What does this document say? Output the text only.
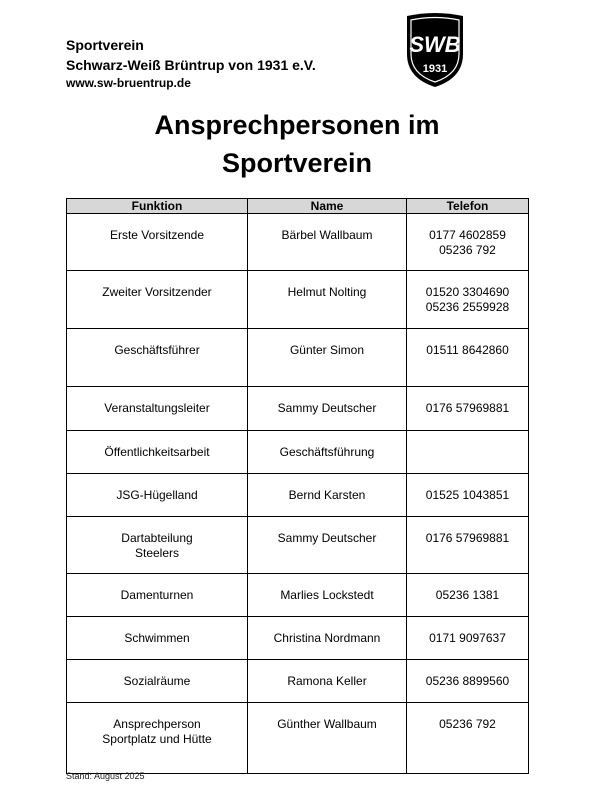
Sportverein
Schwarz-Weiß Brüntrup von 1931 e.V.
www.sw-bruentrup.de
SWB
1931
Ansprechpersonen im
Sportverein
Funktion	Name	Telefon

Erste Vorsitzende	Bärbel Wallbaum	0177 4602859
05236 792

Zweiter Vorsitzender	Helmut Nolting	01520 3304690
05236 2559928

Geschäftsführer	Günter Simon	01511 8642860

Veranstaltungsleiter	Sammy Deutscher	0176 57969881

Öffentlichkeitsarbeit	Geschäftsführung	

JSG-Hügelland	Bernd Karsten	01525 1043851

Dartabteilung
Steelers	Sammy Deutscher	0176 57969881

Damenturnen	Marlies Lockstedt	05236 1381

Schwimmen	Christina Nordmann	0171 9097637

Sozialräume	Ramona Keller	05236 8899560

Ansprechperson
Sportplatz und Hütte	Günther Wallbaum	05236 792
Stand: August 2025
